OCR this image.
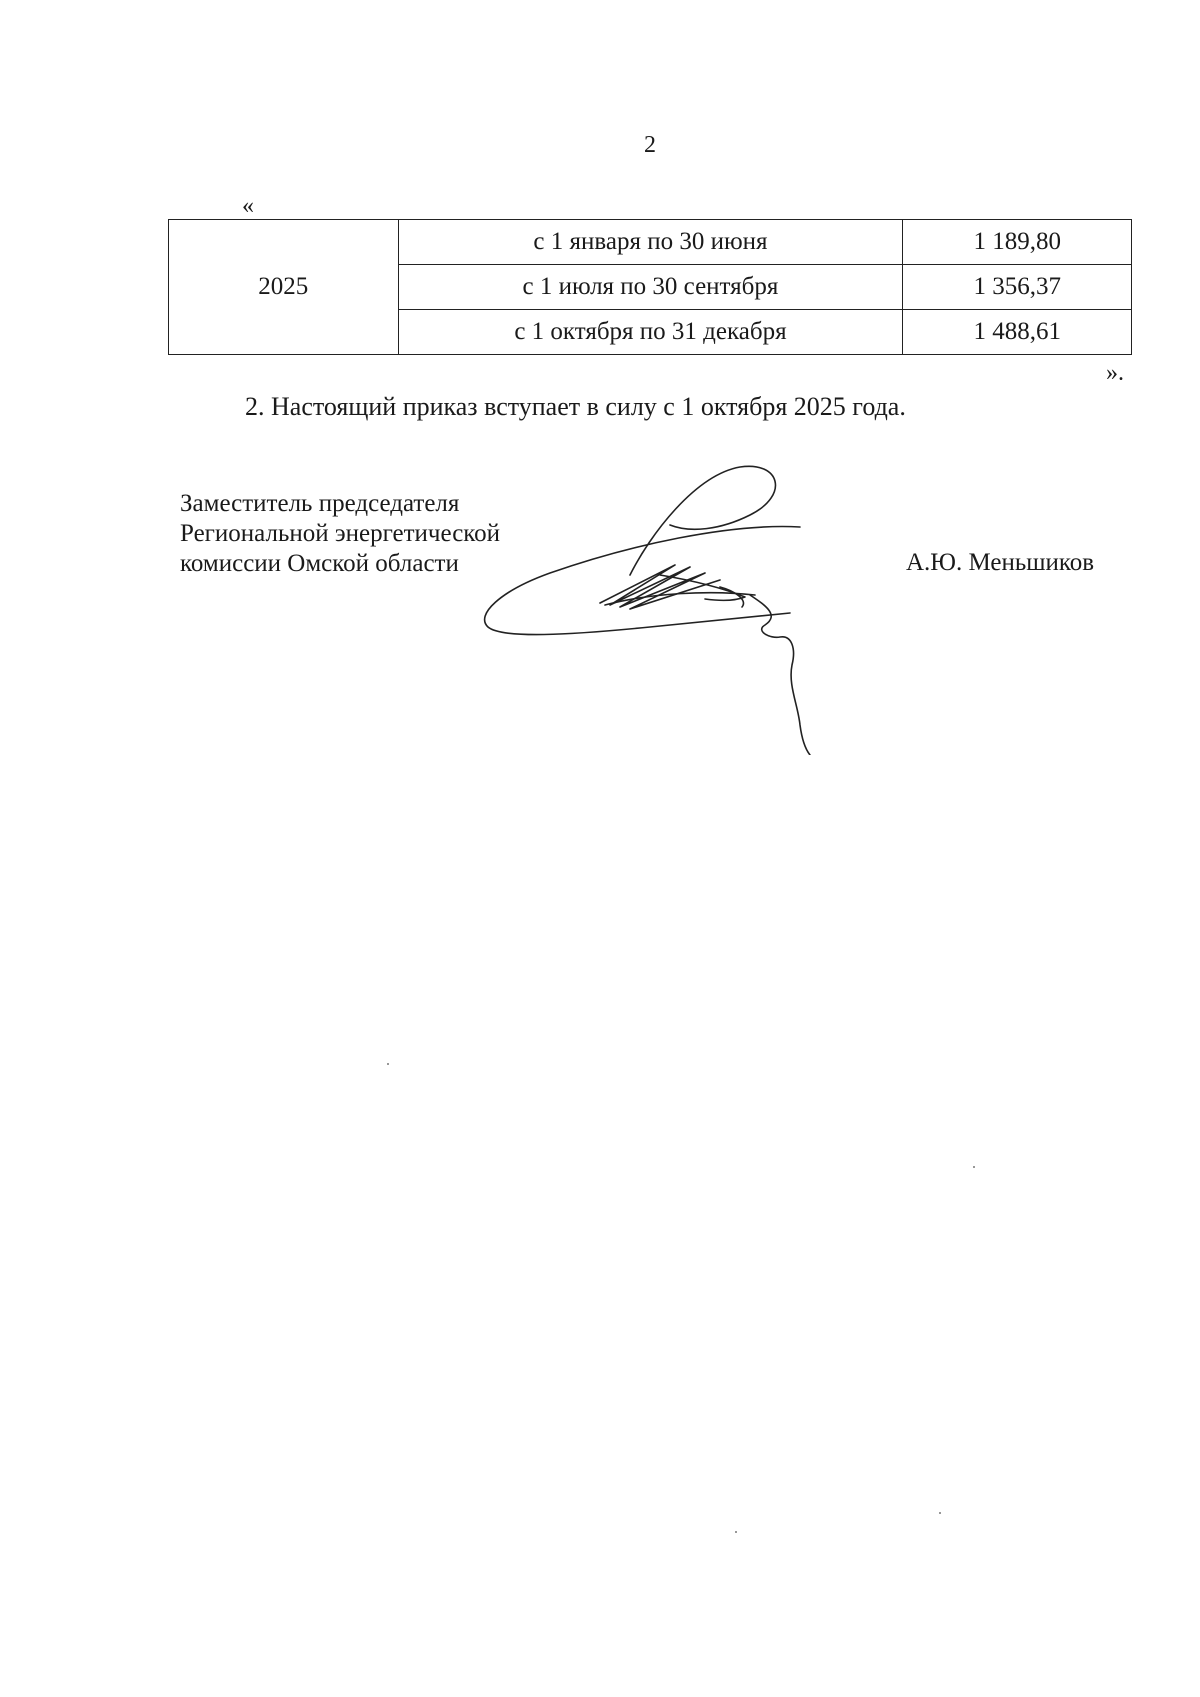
2
«
2025	с 1 января по 30 июня	1 189,80
	с 1 июля по 30 сентября	1 356,37
	с 1 октября по 31 декабря	1 488,61
».
2. Настоящий приказ вступает в силу с 1 октября 2025 года.
Заместитель председателя
Региональной энергетической
комиссии Омской области	А.Ю. Меньшиков
